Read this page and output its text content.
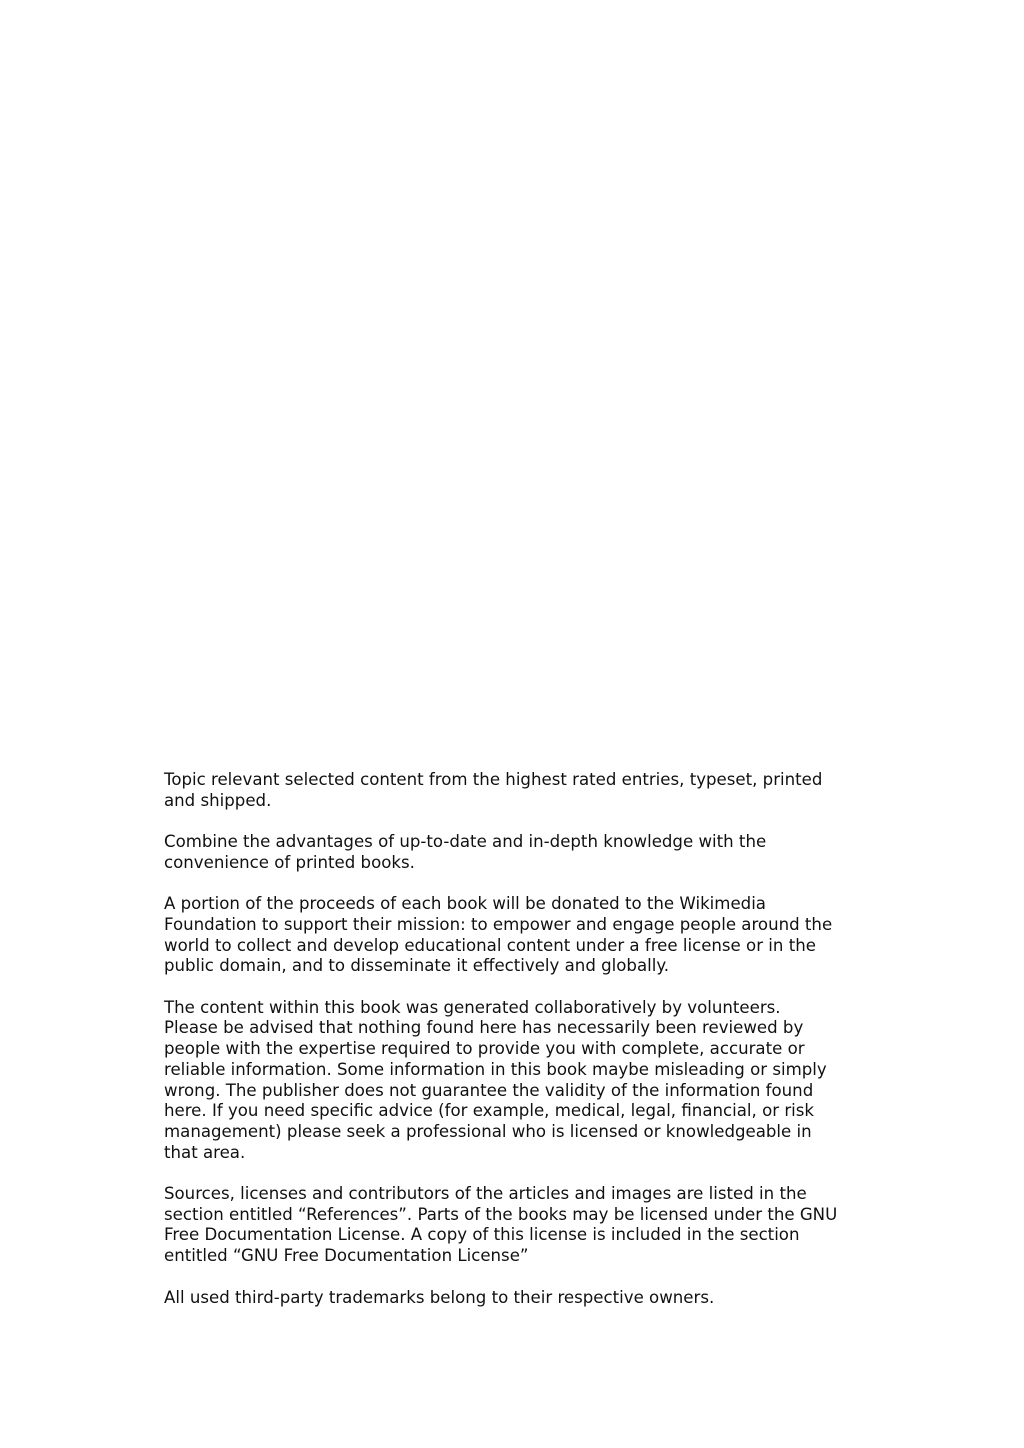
Topic relevant selected content from the highest rated entries, typeset, printed
and shipped.

Combine the advantages of up-to-date and in-depth knowledge with the
convenience of printed books.

A portion of the proceeds of each book will be donated to the Wikimedia
Foundation to support their mission: to empower and engage people around the
world to collect and develop educational content under a free license or in the
public domain, and to disseminate it effectively and globally.

The content within this book was generated collaboratively by volunteers.
Please be advised that nothing found here has necessarily been reviewed by
people with the expertise required to provide you with complete, accurate or
reliable information. Some information in this book maybe misleading or simply
wrong. The publisher does not guarantee the validity of the information found
here. If you need specific advice (for example, medical, legal, financial, or risk
management) please seek a professional who is licensed or knowledgeable in
that area.

Sources, licenses and contributors of the articles and images are listed in the
section entitled “References”. Parts of the books may be licensed under the GNU
Free Documentation License. A copy of this license is included in the section
entitled “GNU Free Documentation License”

All used third-party trademarks belong to their respective owners.
